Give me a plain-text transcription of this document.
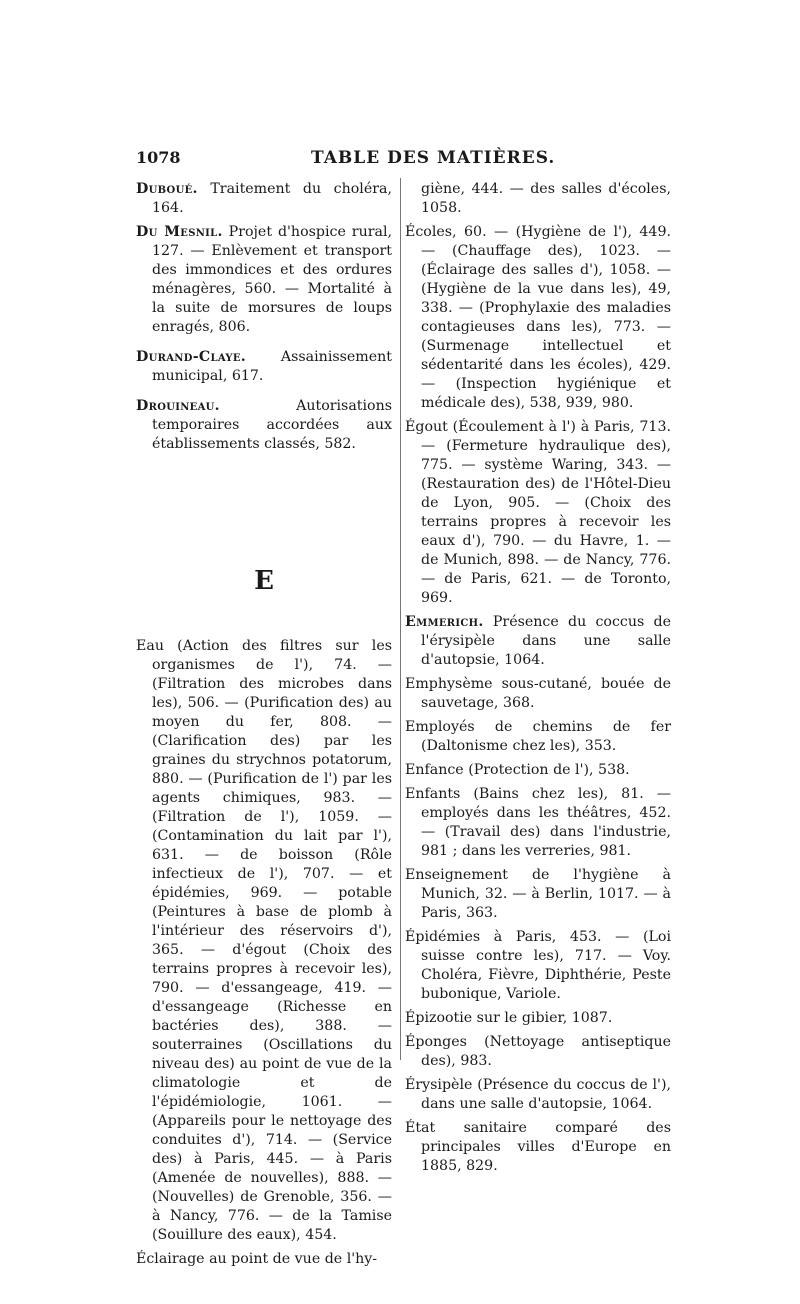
1078	TABLE DES MATIÈRES.

Duboué. Traitement du choléra, 164.

Du Mesnil. Projet d'hospice rural, 127. — Enlèvement et transport des immondices et des ordures ménagères, 560. — Mortalité à la suite de morsures de loups enragés, 806.

Durand-Claye. Assainissement municipal, 617.

Drouineau.	Autorisations temporaires accordées aux établissements classés, 582.

E

Eau (Action des filtres sur les organismes de l'), 74. — (Filtration des microbes dans les), 506. — (Purification des) au moyen du fer, 808. — (Clarification des) par les graines du strychnos potatorum, 880. — (Purification de l') par les agents chimiques, 983. — (Filtration de l'), 1059. — (Contamination du lait par l'), 631. — de boisson (Rôle infectieux de l'), 707. — et épidémies, 969. — potable (Peintures à base de plomb à l'intérieur des réservoirs d'), 365. — d'égout (Choix des terrains propres à recevoir les), 790. — d'essangeage, 419. — d'essangeage (Richesse en bactéries des), 388. — souterraines (Oscillations du niveau des) au point de vue de la climatologie et de l'épidémiologie, 1061. — (Appareils pour le nettoyage des conduites d'), 714. — (Service des) à Paris, 445. — à Paris (Amenée de nouvelles), 888. — (Nouvelles) de Grenoble, 356. — à Nancy, 776. — de la Tamise (Souillure des eaux), 454.

Éclairage au point de vue de l'hy-

giène, 444. — des salles d'écoles, 1058.

Écoles, 60. — (Hygiène de l'), 449. — (Chauffage des), 1023. — (Éclairage des salles d'), 1058. — (Hygiène de la vue dans les), 49, 338. — (Prophylaxie des maladies contagieuses dans les), 773. — (Surmenage intellectuel et sédentarité dans les écoles), 429. — (Inspection hygiénique et médicale des), 538, 939, 980.

Égout (Écoulement à l') à Paris, 713. — (Fermeture hydraulique des), 775. — système Waring, 343. — (Restauration des) de l'Hôtel-Dieu de Lyon, 905. — (Choix des terrains propres à recevoir les eaux d'), 790. — du Havre, 1. — de Munich, 898. — de Nancy, 776. — de Paris, 621. — de Toronto, 969.

Emmerich. Présence du coccus de l'érysipèle dans une salle d'autopsie, 1064.

Emphysème sous-cutané, bouée de sauvetage, 368.

Employés de chemins de fer (Daltonisme chez les), 353.

Enfance (Protection de l'), 538.

Enfants (Bains chez les), 81. — employés dans les théâtres, 452. — (Travail des) dans l'industrie, 981 ; dans les verreries, 981.

Enseignement de l'hygiène à Munich, 32. — à Berlin, 1017. — à Paris, 363.

Épidémies à Paris, 453. — (Loi suisse contre les), 717. — Voy. Choléra, Fièvre, Diphthérie, Peste bubonique, Variole.

Épizootie sur le gibier, 1087.

Éponges (Nettoyage antiseptique des), 983.

Érysipèle (Présence du coccus de l'), dans une salle d'autopsie, 1064.

État sanitaire comparé des principales villes d'Europe en 1885, 829.
